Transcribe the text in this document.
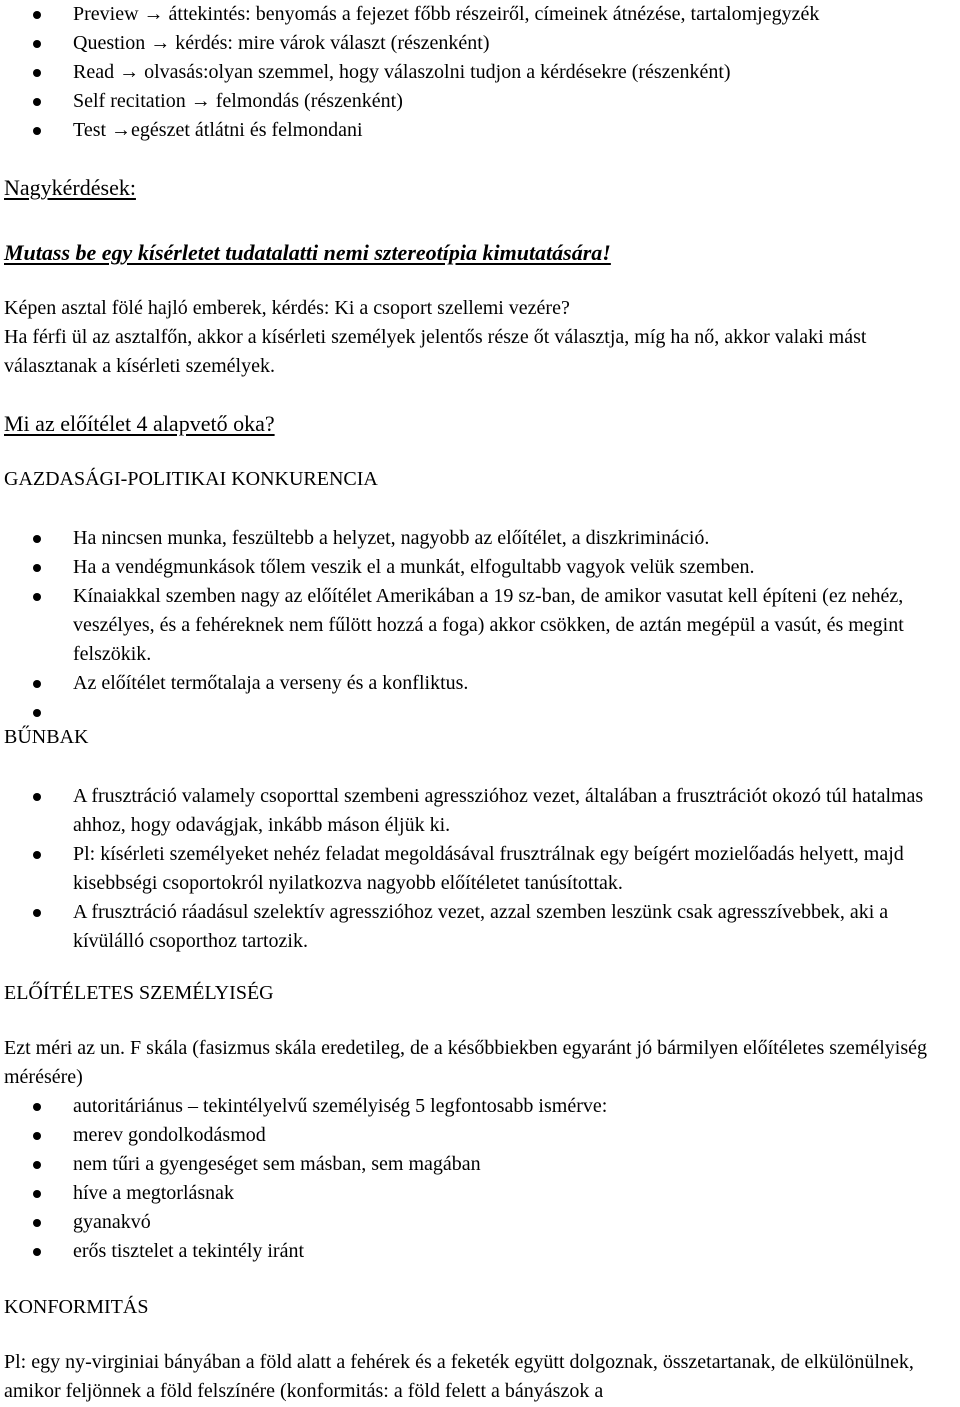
Preview → áttekintés: benyomás a fejezet főbb részeiről, címeinek átnézése, tartalomjegyzék
Question → kérdés: mire várok választ (részenként)
Read → olvasás:olyan szemmel, hogy válaszolni tudjon a kérdésekre (részenként)
Self recitation → felmondás (részenként)
Test →egészet átlátni és felmondani

Nagykérdések:

Mutass be egy kísérletet tudatalatti nemi sztereotípia kimutatására!

Képen asztal fölé hajló emberek, kérdés: Ki a csoport szellemi vezére?

Ha férfi ül az asztalfőn, akkor a kísérleti személyek jelentős része őt választja, míg ha nő, akkor valaki mást választanak a kísérleti személyek.

Mi az előítélet 4 alapvető oka?

GAZDASÁGI-POLITIKAI KONKURENCIA

Ha nincsen munka, feszültebb a helyzet, nagyobb az előítélet, a diszkrimináció.
Ha a vendégmunkások tőlem veszik el a munkát, elfogultabb vagyok velük szemben.
Kínaiakkal szemben nagy az előítélet Amerikában a 19 sz-ban, de amikor vasutat kell építeni (ez nehéz, veszélyes, és a fehéreknek nem fűlött hozzá a foga) akkor csökken, de aztán megépül a vasút, és megint felszökik.
Az előítélet termőtalaja a verseny és a konfliktus.

BŰNBAK

A frusztráció valamely csoporttal szembeni agresszióhoz vezet, általában a frusztrációt okozó túl hatalmas ahhoz, hogy odavágjak, inkább máson éljük ki.
Pl: kísérleti személyeket nehéz feladat megoldásával frusztrálnak egy beígért mozielőadás helyett, majd kisebbségi csoportokról nyilatkozva nagyobb előítéletet tanúsítottak.
A frusztráció ráadásul szelektív agresszióhoz vezet, azzal szemben leszünk csak agresszívebbek, aki a kívülálló csoporthoz tartozik.

ELŐÍTÉLETES SZEMÉLYISÉG

Ezt méri az un. F skála (fasizmus skála eredetileg, de a későbbiekben egyaránt jó bármilyen előítéletes személyiség mérésére)

autoritáriánus – tekintélyelvű személyiség 5 legfontosabb ismérve:
merev gondolkodásmod
nem tűri a gyengeséget sem másban, sem magában
híve a megtorlásnak
gyanakvó
erős tisztelet a tekintély iránt

KONFORMITÁS

Pl: egy ny-virginiai bányában a föld alatt a fehérek és a feketék együtt dolgoznak, összetartanak, de elkülönülnek, amikor feljönnek a föld felszínére (konformitás: a föld felett a bányászok a
